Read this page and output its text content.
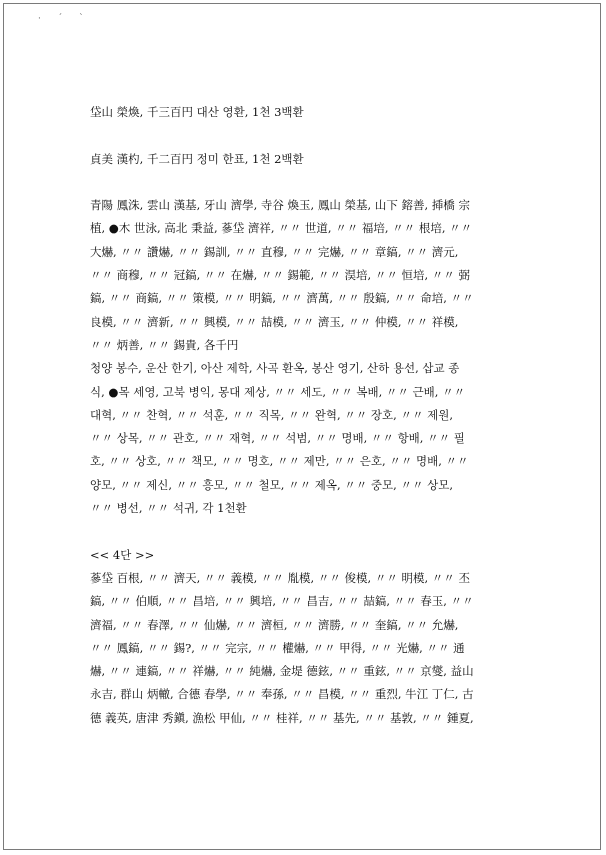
· ˊ ˋ
垈山 榮煥, 千三百円 대산 영환, 1천 3백환
貞美 漢杓, 千二百円 정미 한표, 1천 2백환
青陽 鳳洙, 雲山 漢基, 牙山 濟學, 寺谷 煥玉, 鳳山 榮基, 山下 鎔善, 揷橋 宗
植, ●木 世泳, 高北 秉益, 蔘垈 濟祥, 〃〃 世道, 〃〃 福培, 〃〃 根培, 〃〃
大爀, 〃〃 讚爀, 〃〃 錫訓, 〃〃 直穆, 〃〃 完爀, 〃〃 章鎬, 〃〃 濟元,
〃〃 商穆, 〃〃 冠鎬, 〃〃 在爀, 〃〃 錫範, 〃〃 淏培, 〃〃 恒培, 〃〃 弼
鎬, 〃〃 商鎬, 〃〃 策模, 〃〃 明鎬, 〃〃 濟萬, 〃〃 殷鎬, 〃〃 命培, 〃〃
良模, 〃〃 濟新, 〃〃 興模, 〃〃 喆模, 〃〃 濟玉, 〃〃 仲模, 〃〃 祥模,
〃〃 炳善, 〃〃 錫貴, 各千円
청양 봉수, 운산 한기, 아산 제학, 사곡 환옥, 봉산 영기, 산하 용선, 삽교 종
식, ●목 세영, 고북 병익, 몽대 제상, 〃〃 세도, 〃〃 복배, 〃〃 근배, 〃〃
대혁, 〃〃 찬혁, 〃〃 석훈, 〃〃 직목, 〃〃 완혁, 〃〃 장호, 〃〃 제원,
〃〃 상목, 〃〃 관호, 〃〃 재혁, 〃〃 석범, 〃〃 명배, 〃〃 항배, 〃〃 필
호, 〃〃 상호, 〃〃 책모, 〃〃 명호, 〃〃 제만, 〃〃 은호, 〃〃 명배, 〃〃
양모, 〃〃 제신, 〃〃 흥모, 〃〃 철모, 〃〃 제옥, 〃〃 중모, 〃〃 상모,
〃〃 병선, 〃〃 석귀, 각 1천환
<< 4단 >>
蔘垈 百根, 〃〃 濟天, 〃〃 義模, 〃〃 胤模, 〃〃 俊模, 〃〃 明模, 〃〃 丕
鎬, 〃〃 伯順, 〃〃 昌培, 〃〃 興培, 〃〃 昌吉, 〃〃 喆鎬, 〃〃 春玉, 〃〃
濟福, 〃〃 春澤, 〃〃 仙爀, 〃〃 濟桓, 〃〃 濟勝, 〃〃 奎鎬, 〃〃 允爀,
〃〃 鳳鎬, 〃〃 錫?, 〃〃 完宗, 〃〃 權爀, 〃〃 甲得, 〃〃 光爀, 〃〃 通
爀, 〃〃 連鎬, 〃〃 祥爀, 〃〃 純爀, 金堤 德鉉, 〃〃 重鉉, 〃〃 京燮, 益山
永吉, 群山 炳轍, 合德 春學, 〃〃 奉孫, 〃〃 昌模, 〃〃 重烈, 牛江 丁仁, 古
德 義英, 唐津 秀鎭, 漁松 甲仙, 〃〃 桂祥, 〃〃 基先, 〃〃 基敦, 〃〃 鍾夏,
